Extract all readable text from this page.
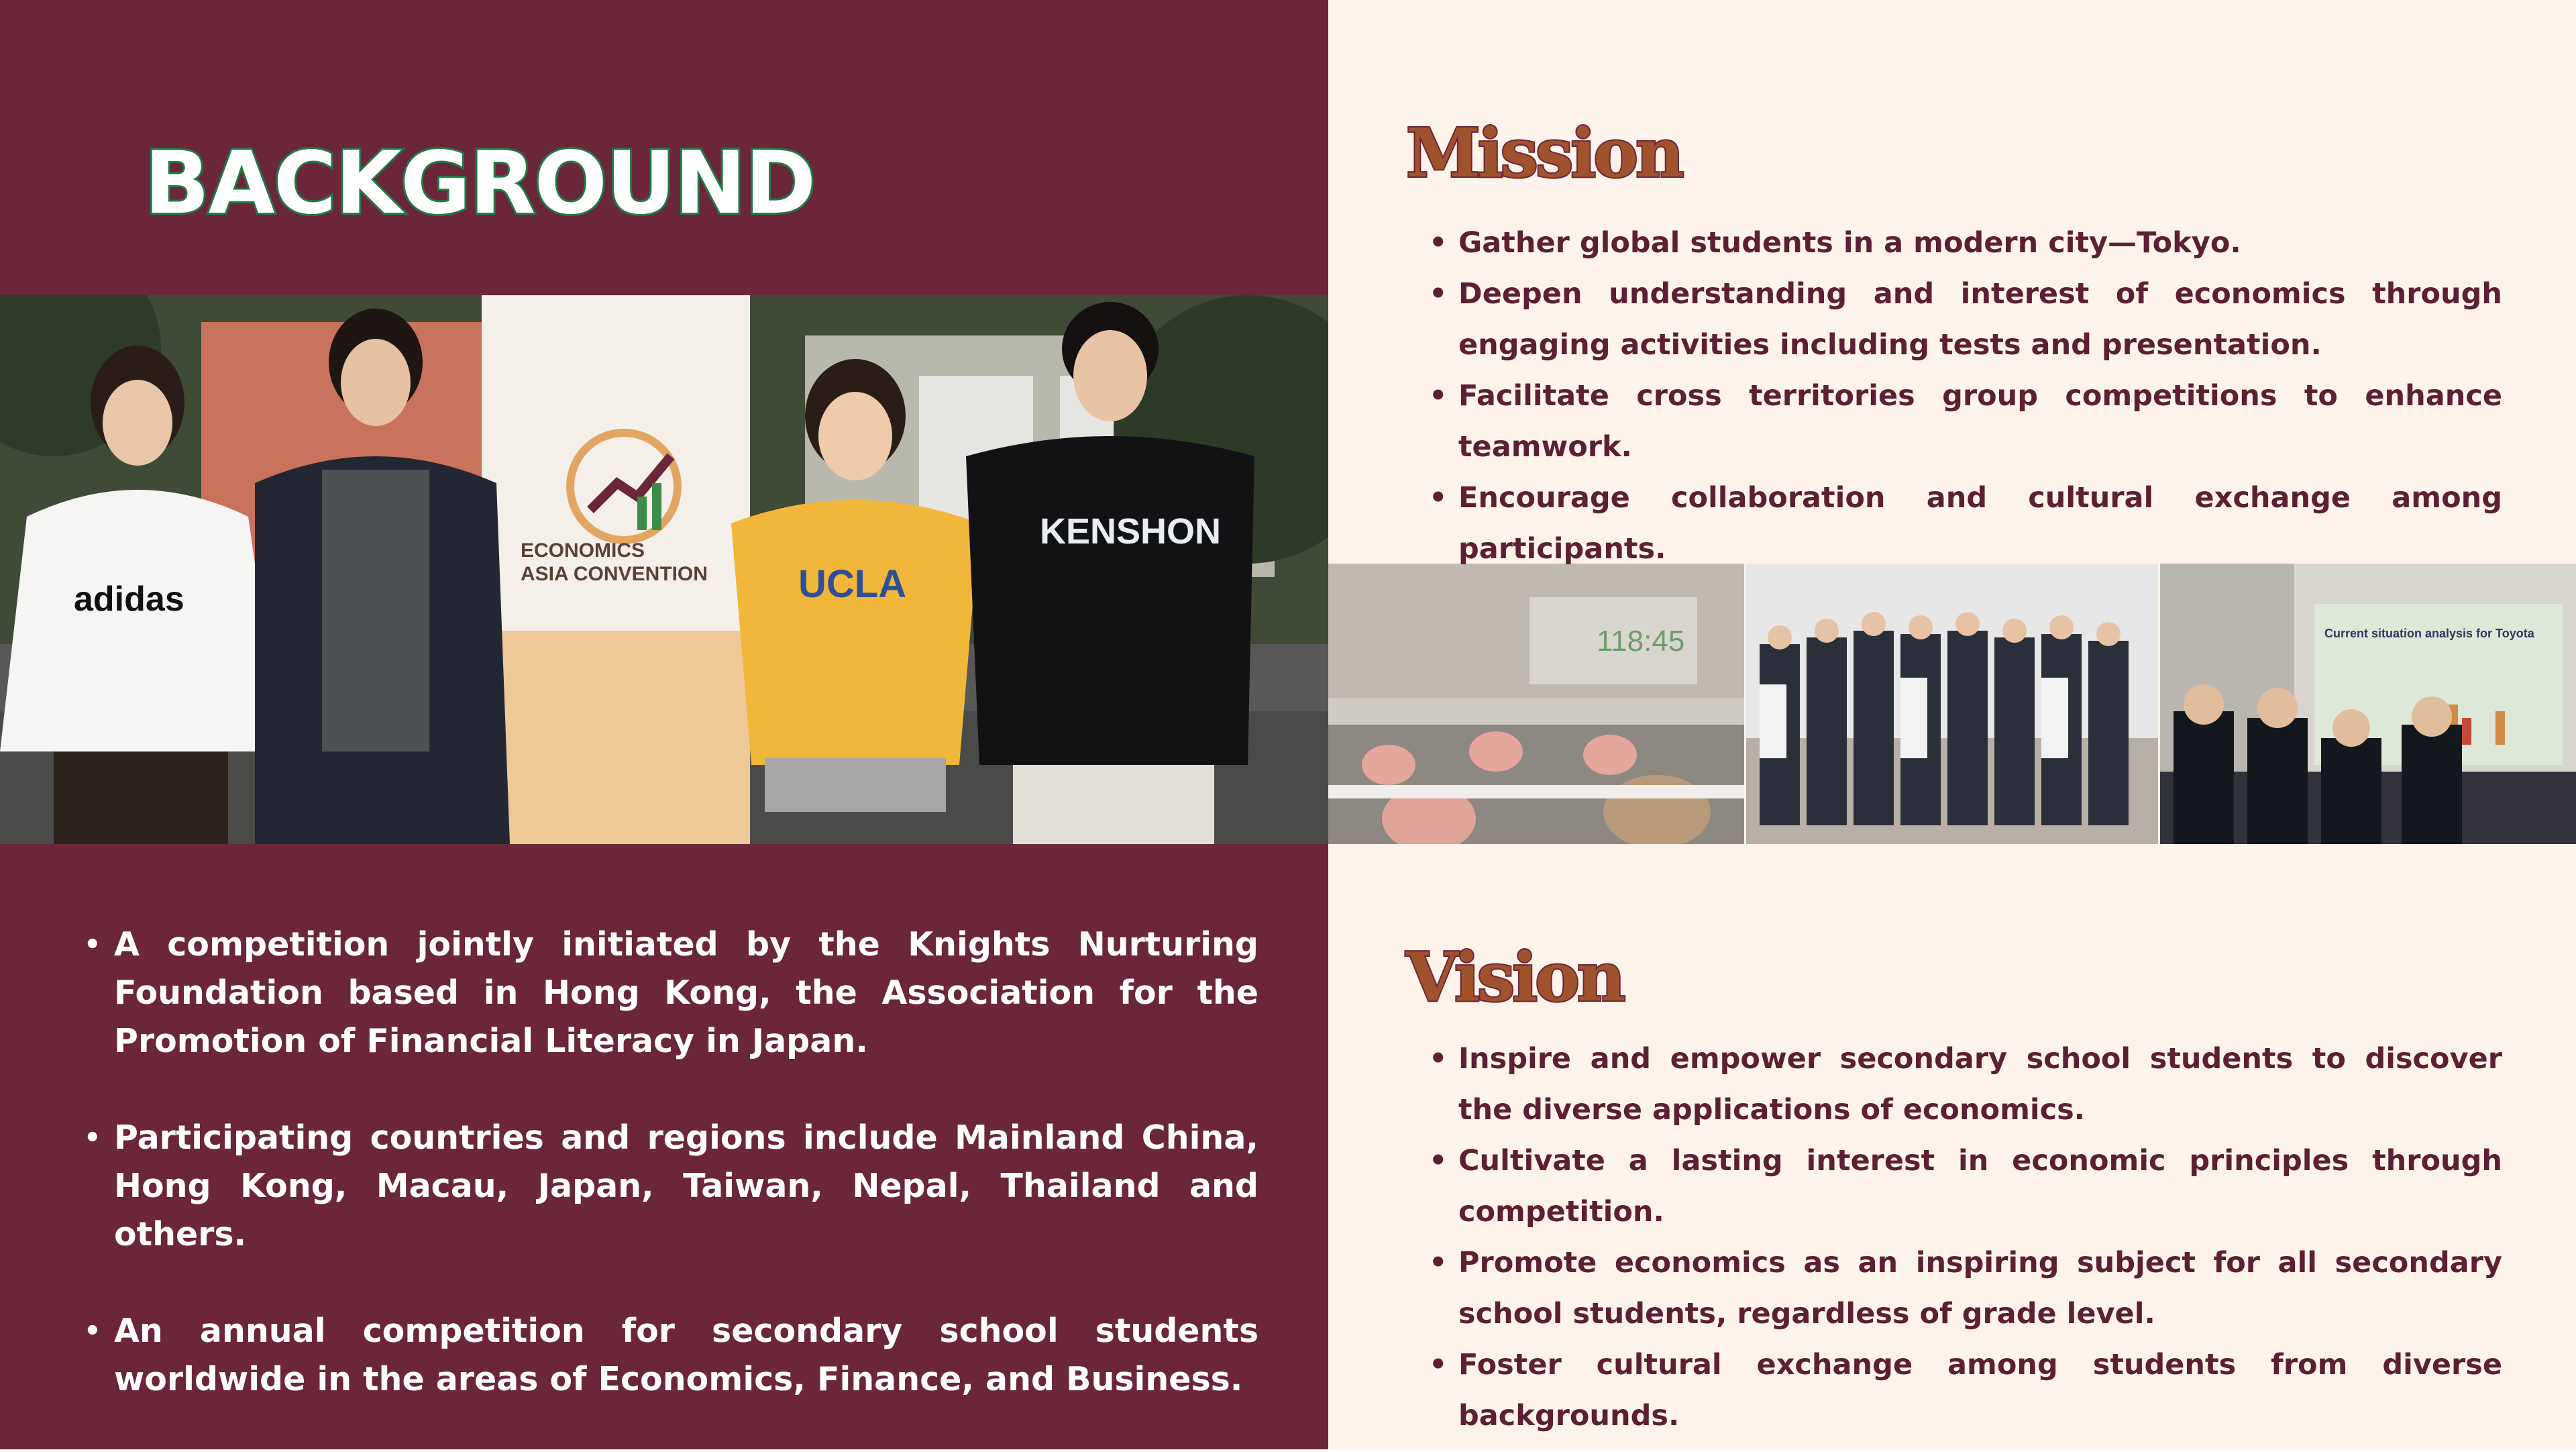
BACKGROUND
ECONOMICS
ASIA CONVENTION
adidas	UCLA
KENSHON
118:45	Current situation analysis for Toyota
• A competition jointly initiated by the Knights Nurturing Foundation based in Hong Kong, the Association for the Promotion of Financial Literacy in Japan.
• Participating countries and regions include Mainland China, Hong Kong, Macau, Japan, Taiwan, Nepal, Thailand and others.
• An annual competition for secondary school students worldwide in the areas of Economics, Finance, and Business.
Mission
• Gather global students in a modern city—Tokyo.
• Deepen understanding and interest of economics through engaging activities including tests and presentation.
• Facilitate cross territories group competitions to enhance teamwork.
• Encourage collaboration and cultural exchange among participants.
Vision
• Inspire and empower secondary school students to discover the diverse applications of economics.
• Cultivate a lasting interest in economic principles through competition.
• Promote economics as an inspiring subject for all secondary school students, regardless of grade level.
• Foster cultural exchange among students from diverse backgrounds.
